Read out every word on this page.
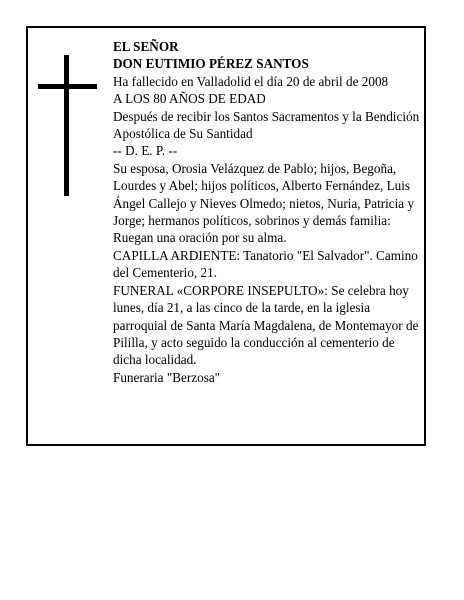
EL SEÑOR

DON EUTIMIO PÉREZ SANTOS

Ha fallecido en Valladolid el día 20 de abril de 2008

A LOS 80 AÑOS DE EDAD

Después de recibir los Santos Sacramentos y la Bendición Apostólica de Su Santidad

-- D. E. P. --

Su esposa, Orosia Velázquez de Pablo; hijos, Begoña, Lourdes y Abel; hijos políticos, Alberto Fernández, Luis Ángel Callejo y Nieves Olmedo; nietos, Nuria, Patricia y Jorge; hermanos políticos, sobrinos y demás familia:

Ruegan una oración por su alma.

CAPILLA ARDIENTE: Tanatorio "El Salvador". Camino del Cementerio, 21.

FUNERAL «CORPORE INSEPULTO»: Se celebra hoy lunes, día 21, a las cinco de la tarde, en la iglesia parroquial de Santa María Magdalena, de Montemayor de Pililla, y acto seguido la conducción al cementerio de dicha localidad.

Funeraria "Berzosa"
